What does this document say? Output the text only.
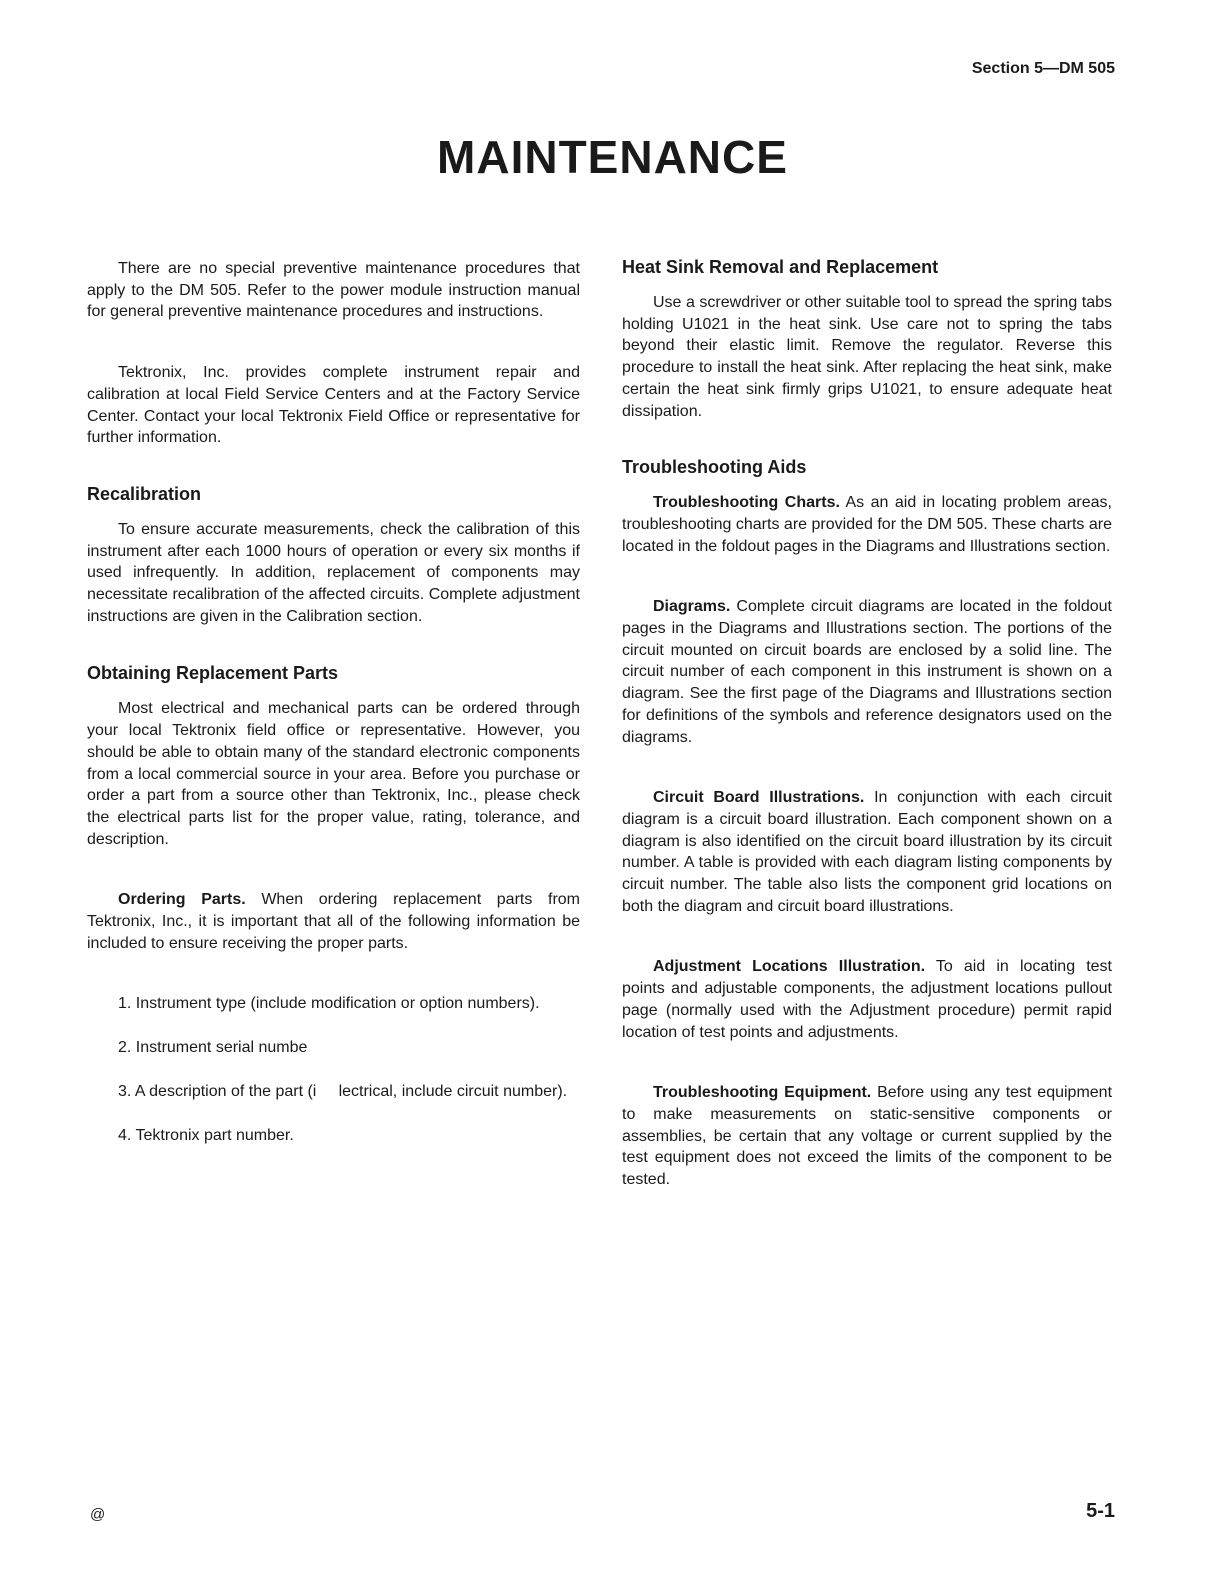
Section 5—DM 505
MAINTENANCE

There are no special preventive maintenance procedures that apply to the DM 505. Refer to the power module instruction manual for general preventive maintenance procedures and instructions.

Tektronix, Inc. provides complete instrument repair and calibration at local Field Service Centers and at the Factory Service Center. Contact your local Tektronix Field Office or representative for further information.

Recalibration

To ensure accurate measurements, check the calibration of this instrument after each 1000 hours of operation or every six months if used infrequently. In addition, replacement of components may necessitate recalibration of the affected circuits. Complete adjustment instructions are given in the Calibration section.

Obtaining Replacement Parts

Most electrical and mechanical parts can be ordered through your local Tektronix field office or representative. However, you should be able to obtain many of the standard electronic components from a local commercial source in your area. Before you purchase or order a part from a source other than Tektronix, Inc., please check the electrical parts list for the proper value, rating, tolerance, and description.

Ordering Parts. When ordering replacement parts from Tektronix, Inc., it is important that all of the following information be included to ensure receiving the proper parts.

1. Instrument type (include modification or option numbers).

2. Instrument serial numbe

3. A description of the part (i     lectrical, include circuit number).

4. Tektronix part number.

Heat Sink Removal and Replacement

Use a screwdriver or other suitable tool to spread the spring tabs holding U1021 in the heat sink. Use care not to spring the tabs beyond their elastic limit. Remove the regulator. Reverse this procedure to install the heat sink. After replacing the heat sink, make certain the heat sink firmly grips U1021, to ensure adequate heat dissipation.

Troubleshooting Aids

Troubleshooting Charts. As an aid in locating problem areas, troubleshooting charts are provided for the DM 505. These charts are located in the foldout pages in the Diagrams and Illustrations section.

Diagrams. Complete circuit diagrams are located in the foldout pages in the Diagrams and Illustrations section. The portions of the circuit mounted on circuit boards are enclosed by a solid line. The circuit number of each component in this instrument is shown on a diagram. See the first page of the Diagrams and Illustrations section for definitions of the symbols and reference designators used on the diagrams.

Circuit Board Illustrations. In conjunction with each circuit diagram is a circuit board illustration. Each component shown on a diagram is also identified on the circuit board illustration by its circuit number. A table is provided with each diagram listing components by circuit number. The table also lists the component grid locations on both the diagram and circuit board illustrations.

Adjustment Locations Illustration. To aid in locating test points and adjustable components, the adjustment locations pullout page (normally used with the Adjustment procedure) permit rapid location of test points and adjustments.

Troubleshooting Equipment. Before using any test equipment to make measurements on static-sensitive components or assemblies, be certain that any voltage or current supplied by the test equipment does not exceed the limits of the component to be tested.

@	5-1
